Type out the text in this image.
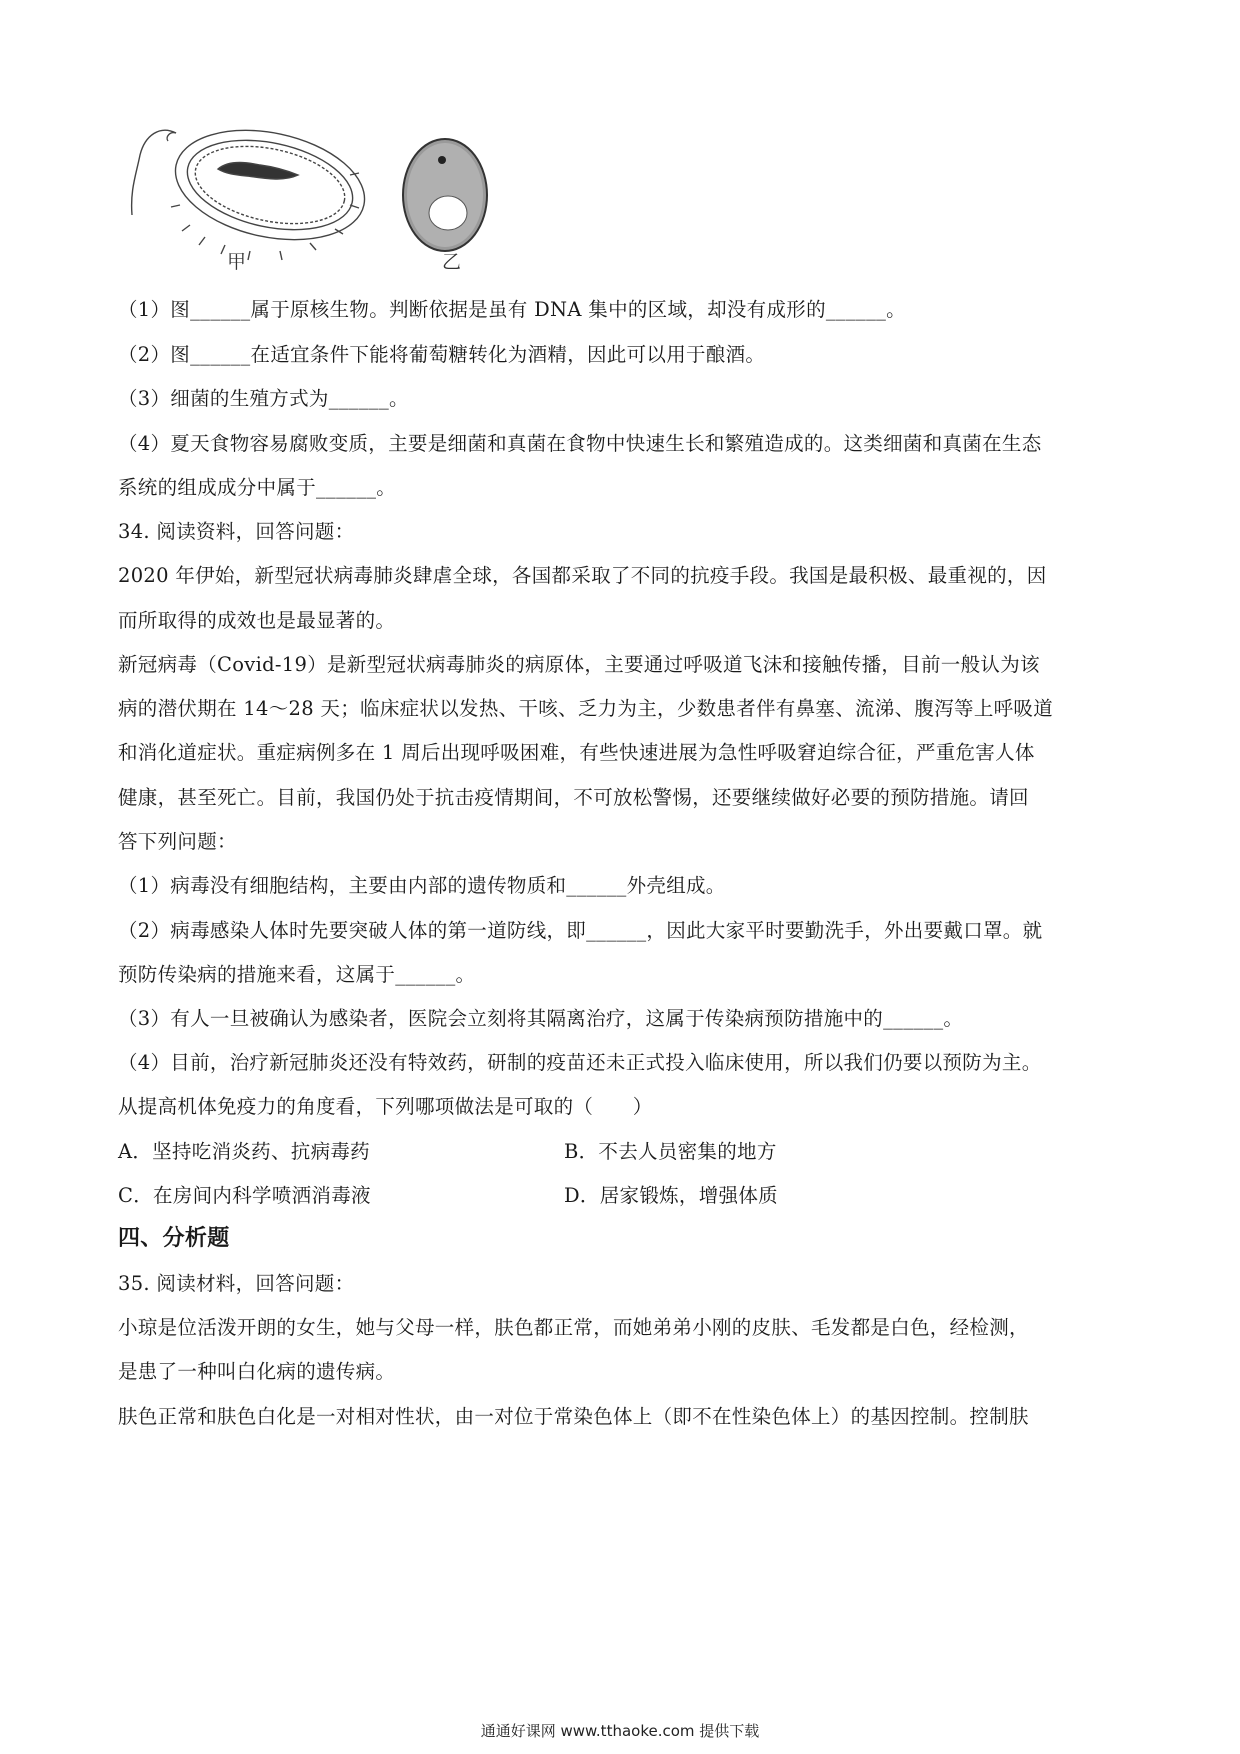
甲	乙
（1）图______属于原核生物。判断依据是虽有 DNA 集中的区域，却没有成形的______。
（2）图______在适宜条件下能将葡萄糖转化为酒精，因此可以用于酿酒。
（3）细菌的生殖方式为______。
（4）夏天食物容易腐败变质，主要是细菌和真菌在食物中快速生长和繁殖造成的。这类细菌和真菌在生态
系统的组成成分中属于______。
34. 阅读资料，回答问题：
2020 年伊始，新型冠状病毒肺炎肆虐全球，各国都采取了不同的抗疫手段。我国是最积极、最重视的，因
而所取得的成效也是最显著的。
新冠病毒（Covid-19）是新型冠状病毒肺炎的病原体，主要通过呼吸道飞沫和接触传播，目前一般认为该
病的潜伏期在 14～28 天；临床症状以发热、干咳、乏力为主，少数患者伴有鼻塞、流涕、腹泻等上呼吸道
和消化道症状。重症病例多在 1 周后出现呼吸困难，有些快速进展为急性呼吸窘迫综合征，严重危害人体
健康，甚至死亡。目前，我国仍处于抗击疫情期间，不可放松警惕，还要继续做好必要的预防措施。请回
答下列问题：
（1）病毒没有细胞结构，主要由内部的遗传物质和______外壳组成。
（2）病毒感染人体时先要突破人体的第一道防线，即______，因此大家平时要勤洗手，外出要戴口罩。就
预防传染病的措施来看，这属于______。
（3）有人一旦被确认为感染者，医院会立刻将其隔离治疗，这属于传染病预防措施中的______。
（4）目前，治疗新冠肺炎还没有特效药，研制的疫苗还未正式投入临床使用，所以我们仍要以预防为主。
从提高机体免疫力的角度看，下列哪项做法是可取的（　　）
A．坚持吃消炎药、抗病毒药	B．不去人员密集的地方
C．在房间内科学喷洒消毒液	D．居家锻炼，增强体质
四、分析题
35. 阅读材料，回答问题：
小琼是位活泼开朗的女生，她与父母一样，肤色都正常，而她弟弟小刚的皮肤、毛发都是白色，经检测，
是患了一种叫白化病的遗传病。
肤色正常和肤色白化是一对相对性状，由一对位于常染色体上（即不在性染色体上）的基因控制。控制肤
通通好课网 www.tthaoke.com 提供下载
